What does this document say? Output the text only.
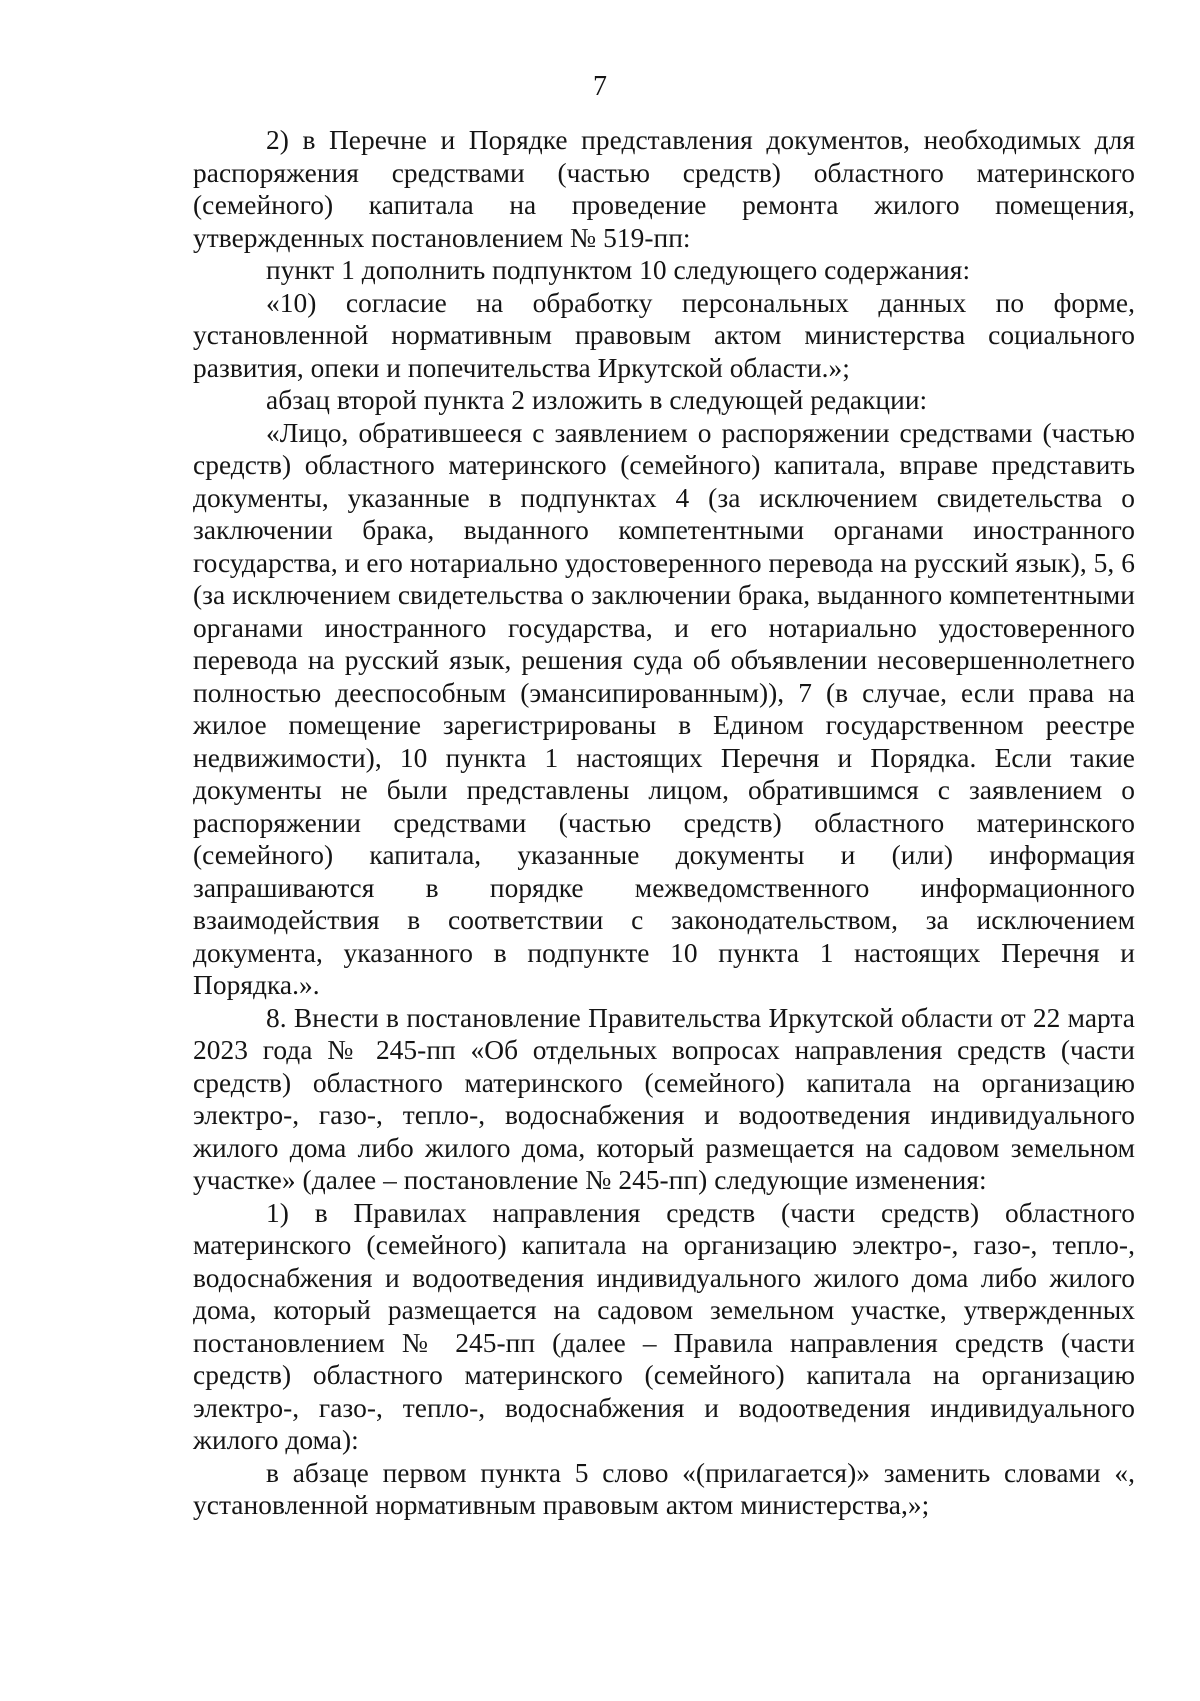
7

2) в Перечне и Порядке представления документов, необходимых для распоряжения средствами (частью средств) областного материнского (семейного) капитала на проведение ремонта жилого помещения, утвержденных постановлением № 519-пп:

пункт 1 дополнить подпунктом 10 следующего содержания:

«10) согласие на обработку персональных данных по форме, установленной нормативным правовым актом министерства социального развития, опеки и попечительства Иркутской области.»;

абзац второй пункта 2 изложить в следующей редакции:

«Лицо, обратившееся с заявлением о распоряжении средствами (частью средств) областного материнского (семейного) капитала, вправе представить документы, указанные в подпунктах 4 (за исключением свидетельства о заключении брака, выданного компетентными органами иностранного государства, и его нотариально удостоверенного перевода на русский язык), 5, 6 (за исключением свидетельства о заключении брака, выданного компетентными органами иностранного государства, и его нотариально удостоверенного перевода на русский язык, решения суда об объявлении несовершеннолетнего полностью дееспособным (эмансипированным)), 7 (в случае, если права на жилое помещение зарегистрированы в Едином государственном реестре недвижимости), 10 пункта 1 настоящих Перечня и Порядка. Если такие документы не были представлены лицом, обратившимся с заявлением о распоряжении средствами (частью средств) областного материнского (семейного) капитала, указанные документы и (или) информация запрашиваются в порядке межведомственного информационного взаимодействия в соответствии с законодательством, за исключением документа, указанного в подпункте 10 пункта 1 настоящих Перечня и Порядка.».

8. Внести в постановление Правительства Иркутской области от 22 марта 2023 года № 245-пп «Об отдельных вопросах направления средств (части средств) областного материнского (семейного) капитала на организацию электро-, газо-, тепло-, водоснабжения и водоотведения индивидуального жилого дома либо жилого дома, который размещается на садовом земельном участке» (далее – постановление № 245-пп) следующие изменения:

1) в Правилах направления средств (части средств) областного материнского (семейного) капитала на организацию электро-, газо-, тепло-, водоснабжения и водоотведения индивидуального жилого дома либо жилого дома, который размещается на садовом земельном участке, утвержденных постановлением № 245-пп (далее – Правила направления средств (части средств) областного материнского (семейного) капитала на организацию электро-, газо-, тепло-, водоснабжения и водоотведения индивидуального жилого дома):

в абзаце первом пункта 5 слово «(прилагается)» заменить словами «, установленной нормативным правовым актом министерства,»;
